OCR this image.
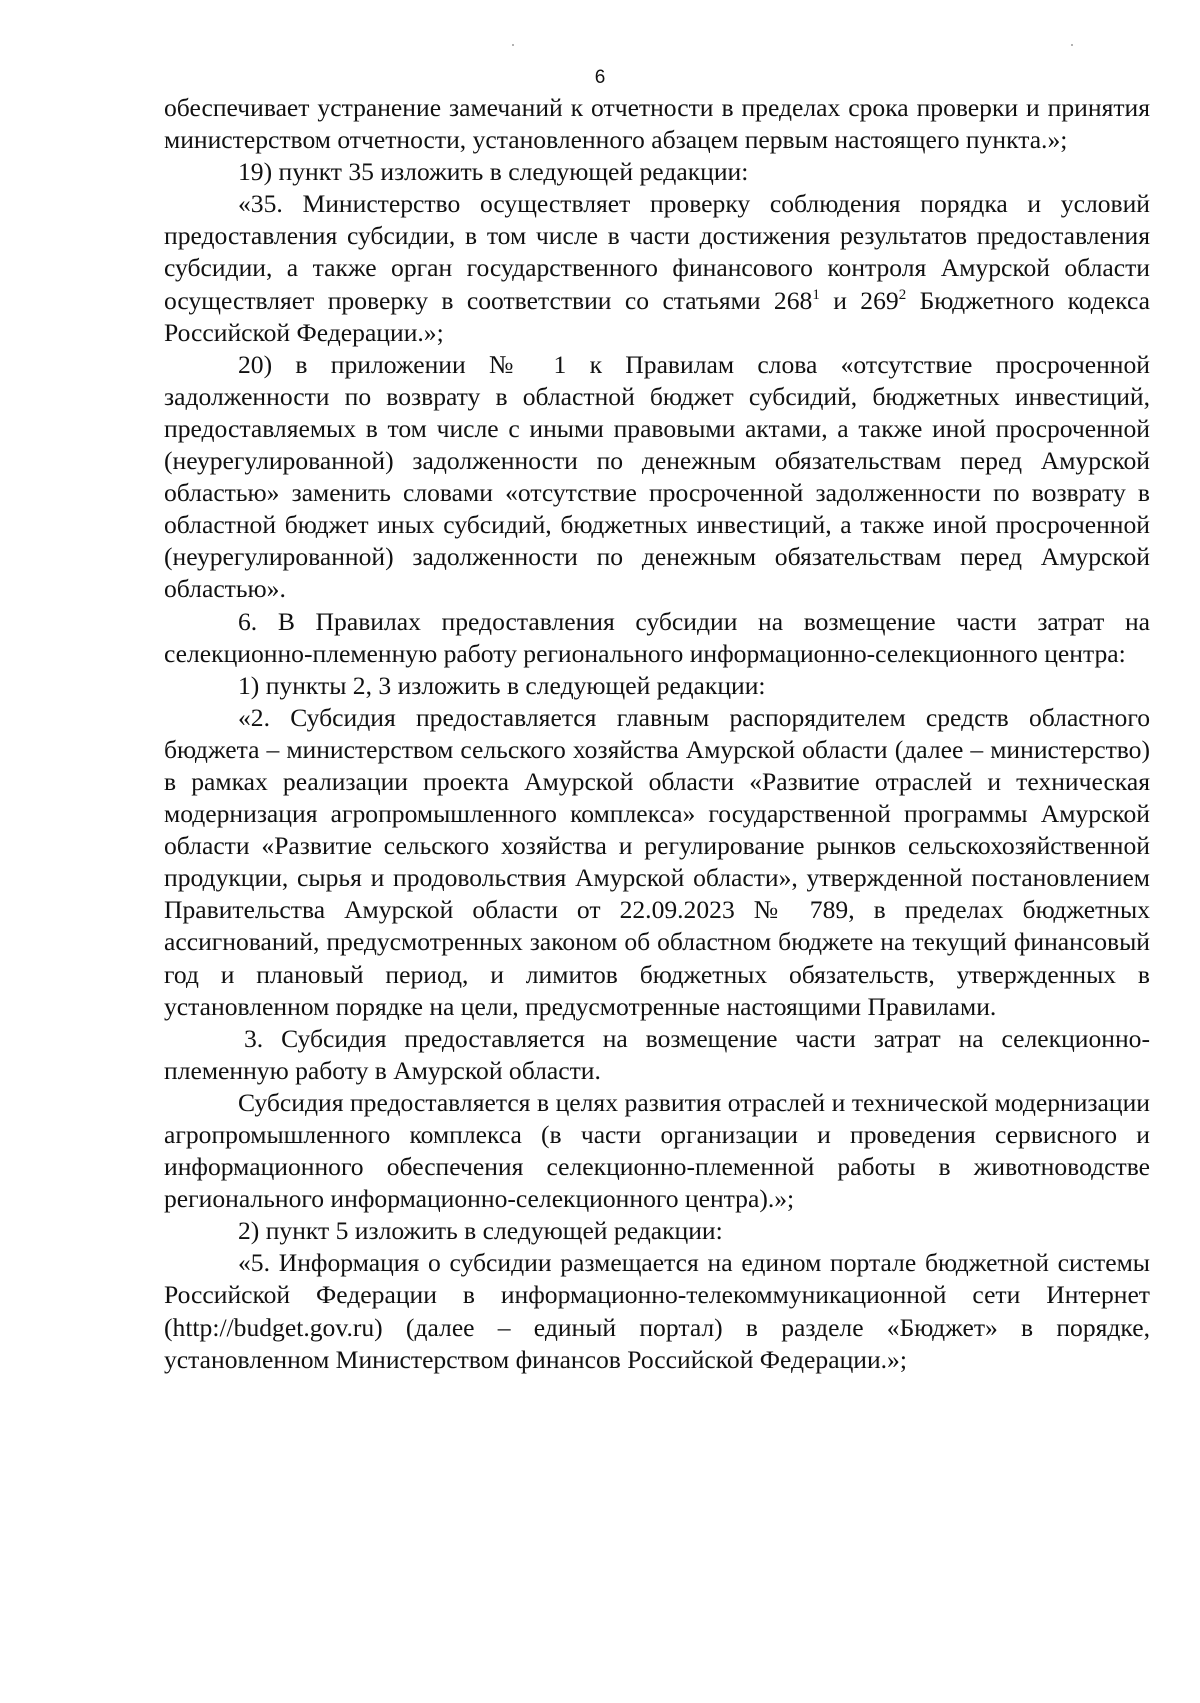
6

обеспечивает устранение замечаний к отчетности в пределах срока проверки и принятия министерством отчетности, установленного абзацем первым настоящего пункта.»;

19) пункт 35 изложить в следующей редакции:

«35. Министерство осуществляет проверку соблюдения порядка и условий предоставления субсидии, в том числе в части достижения результатов предоставления субсидии, а также орган государственного финансового контроля Амурской области осуществляет проверку в соответствии со статьями $268^1$ и $269^2$ Бюджетного кодекса Российской Федерации.»;

20) в приложении № 1 к Правилам слова «отсутствие просроченной задолженности по возврату в областной бюджет субсидий, бюджетных инвестиций, предоставляемых в том числе с иными правовыми актами, а также иной просроченной (неурегулированной) задолженности по денежным обязательствам перед Амурской областью» заменить словами «отсутствие просроченной задолженности по возврату в областной бюджет иных субсидий, бюджетных инвестиций, а также иной просроченной (неурегулированной) задолженности по денежным обязательствам перед Амурской областью».

6. В Правилах предоставления субсидии на возмещение части затрат на селекционно-племенную работу регионального информационно-селекционного центра:

1) пункты 2, 3 изложить в следующей редакции:

«2. Субсидия предоставляется главным распорядителем средств областного бюджета – министерством сельского хозяйства Амурской области (далее – министерство) в рамках реализации проекта Амурской области «Развитие отраслей и техническая модернизация агропромышленного комплекса» государственной программы Амурской области «Развитие сельского хозяйства и регулирование рынков сельскохозяйственной продукции, сырья и продовольствия Амурской области», утвержденной постановлением Правительства Амурской области от 22.09.2023 № 789, в пределах бюджетных ассигнований, предусмотренных законом об областном бюджете на текущий финансовый год и плановый период, и лимитов бюджетных обязательств, утвержденных в установленном порядке на цели, предусмотренные настоящими Правилами.

3. Субсидия предоставляется на возмещение части затрат на селекционно-племенную работу в Амурской области.

Субсидия предоставляется в целях развития отраслей и технической модернизации агропромышленного комплекса (в части организации и проведения сервисного и информационного обеспечения селекционно-племенной работы в животноводстве регионального информационно-селекционного центра).»;

2) пункт 5 изложить в следующей редакции:

«5. Информация о субсидии размещается на едином портале бюджетной системы Российской Федерации в информационно-телекоммуникационной сети Интернет (http://budget.gov.ru) (далее – единый портал) в разделе «Бюджет» в порядке, установленном Министерством финансов Российской Федерации.»;
